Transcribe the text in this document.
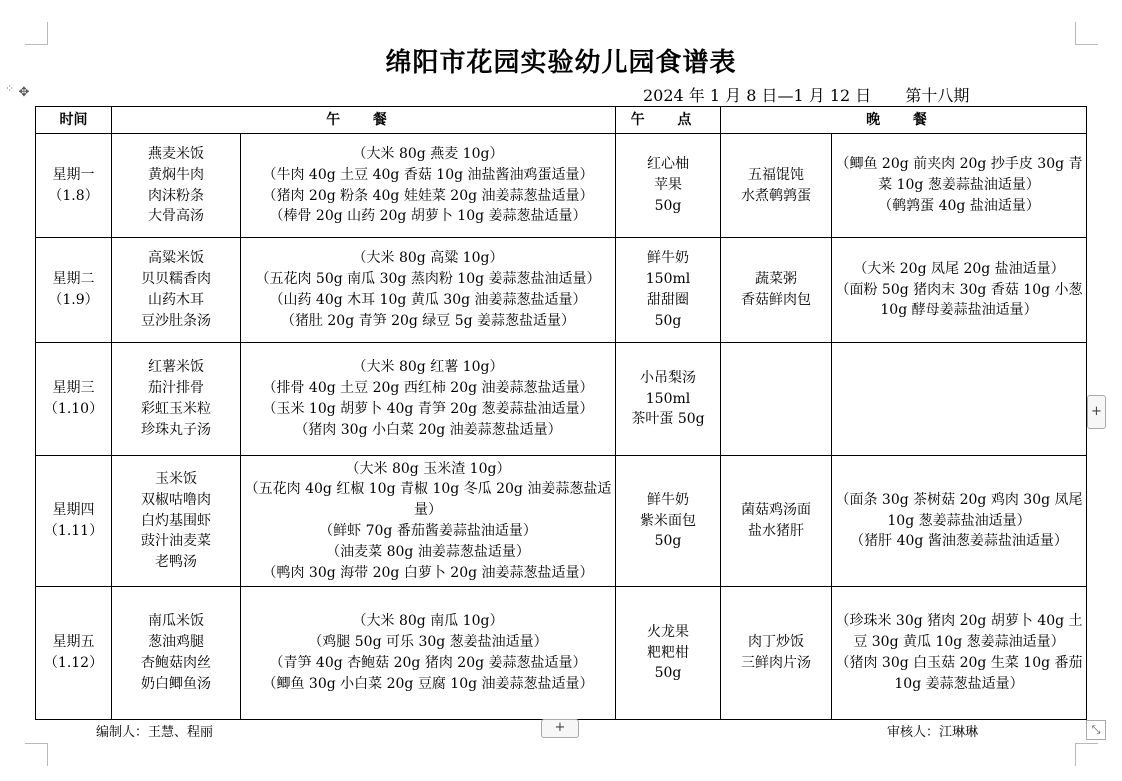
⁘ ✥
绵阳市花园实验幼儿园食谱表
2024 年 1 月 8 日—1 月 12 日 第十八期
时间	午 餐		午 点	晚 餐	

星期一
（1.8）	燕麦米饭
黄焖牛肉
肉沫粉条
大骨高汤	（大米 80g 燕麦 10g）
（牛肉 40g 土豆 40g 香菇 10g 油盐酱油鸡蛋适量）
（猪肉 20g 粉条 40g 娃娃菜 20g 油姜蒜葱盐适量）
（棒骨 20g 山药 20g 胡萝卜 10g 姜蒜葱盐适量）	红心柚
苹果
50g	五福馄饨
水煮鹌鹑蛋	（鲫鱼 20g 前夹肉 20g 抄手皮 30g 青菜 10g 葱姜蒜盐油适量）
（鹌鹑蛋 40g 盐油适量）

星期二
（1.9）	高粱米饭
贝贝糯香肉
山药木耳
豆沙肚条汤	（大米 80g 高粱 10g）
（五花肉 50g 南瓜 30g 蒸肉粉 10g 姜蒜葱盐油适量）
（山药 40g 木耳 10g 黄瓜 30g 油姜蒜葱盐适量）
（猪肚 20g 青笋 20g 绿豆 5g 姜蒜葱盐适量）	鲜牛奶
150ml
甜甜圈
50g	蔬菜粥
香菇鲜肉包	（大米 20g 凤尾 20g 盐油适量）
（面粉 50g 猪肉末 30g 香菇 10g 小葱 10g 酵母姜蒜盐油适量）

星期三
（1.10）	红薯米饭
茄汁排骨
彩虹玉米粒
珍珠丸子汤	（大米 80g 红薯 10g）
（排骨 40g 土豆 20g 西红柿 20g 油姜蒜葱盐适量）
（玉米 10g 胡萝卜 40g 青笋 20g 葱姜蒜盐油适量）
（猪肉 30g 小白菜 20g 油姜蒜葱盐适量）	小吊梨汤
150ml
茶叶蛋 50g		

星期四
（1.11）	玉米饭
双椒咕噜肉
白灼基围虾
豉汁油麦菜
老鸭汤	（大米 80g 玉米渣 10g）
（五花肉 40g 红椒 10g 青椒 10g 冬瓜 20g 油姜蒜葱盐适量）
（鲜虾 70g 番茄酱姜蒜盐油适量）
（油麦菜 80g 油姜蒜葱盐适量）
（鸭肉 30g 海带 20g 白萝卜 20g 油姜蒜葱盐适量）	鲜牛奶
紫米面包
50g	菌菇鸡汤面
盐水猪肝	（面条 30g 茶树菇 20g 鸡肉 30g 凤尾 10g 葱姜蒜盐油适量）
（猪肝 40g 酱油葱姜蒜盐油适量）

星期五
（1.12）	南瓜米饭
葱油鸡腿
杏鲍菇肉丝
奶白鲫鱼汤	（大米 80g 南瓜 10g）
（鸡腿 50g 可乐 30g 葱姜盐油适量）
（青笋 40g 杏鲍菇 20g 猪肉 20g 姜蒜葱盐适量）
（鲫鱼 30g 小白菜 20g 豆腐 10g 油姜蒜葱盐适量）	火龙果
粑粑柑
50g	肉丁炒饭
三鲜肉片汤	（珍珠米 30g 猪肉 20g 胡萝卜 40g 土豆 30g 黄瓜 10g 葱姜蒜油适量）
（猪肉 30g 白玉菇 20g 生菜 10g 番茄 10g 姜蒜葱盐适量）
编制人：王慧、程丽	审核人：江琳琳
+
+
⤡
